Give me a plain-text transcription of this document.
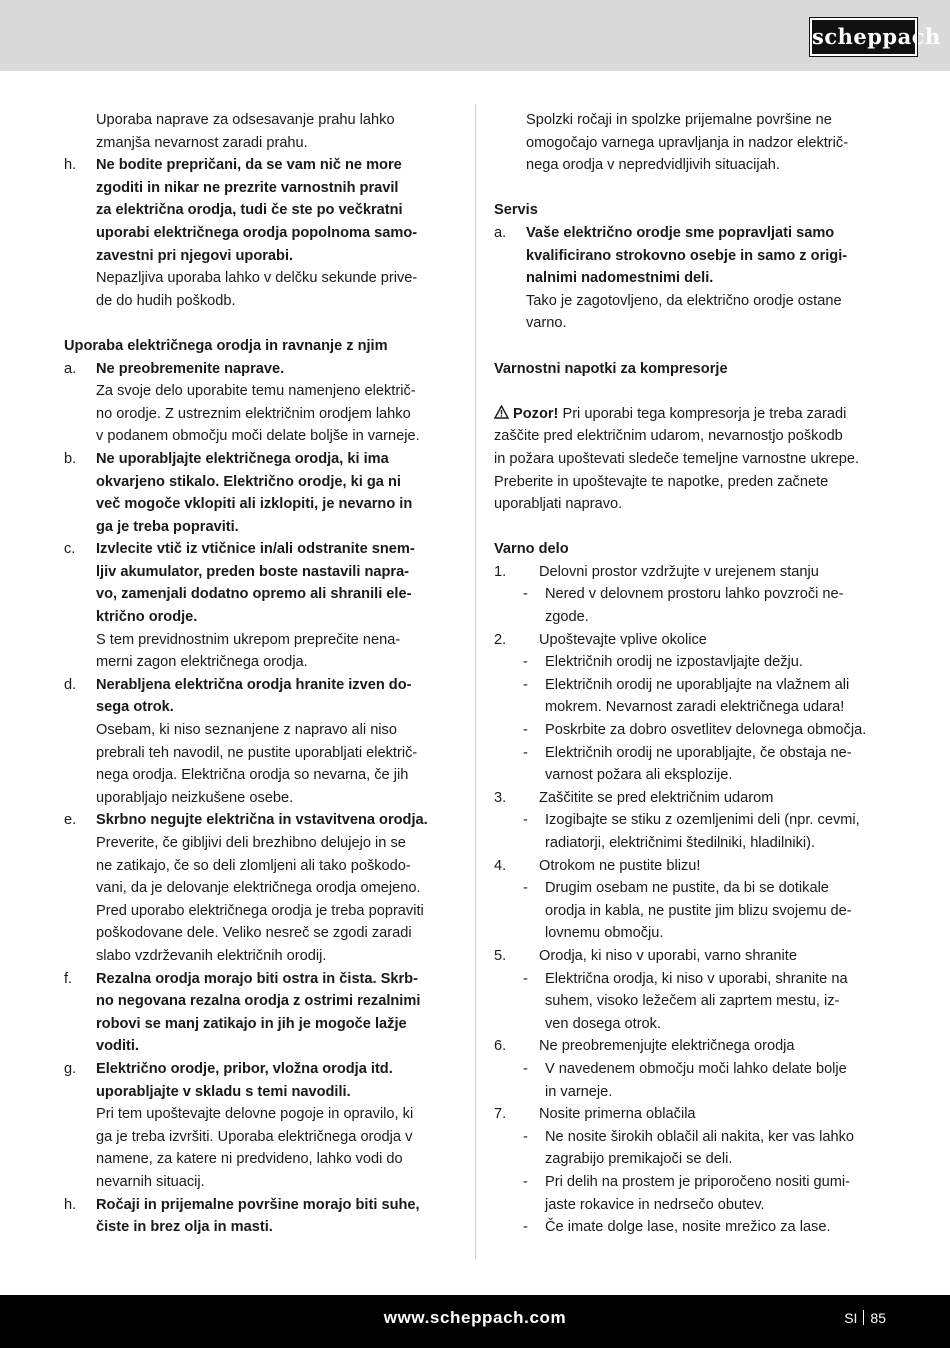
scheppach

Uporaba naprave za odsesavanje prahu lahko

zmanjša nevarnost zaradi prahu.

h.	Ne bodite prepričani, da se vam nič ne more

zgoditi in nikar ne prezrite varnostnih pravil

za električna orodja, tudi če ste po večkratni

uporabi električnega orodja popolnoma samo-

zavestni pri njegovi uporabi.

Nepazljiva uporaba lahko v delčku sekunde prive-

de do hudih poškodb.

Uporaba električnega orodja in ravnanje z njim

a.	Ne preobremenite naprave.

Za svoje delo uporabite temu namenjeno električ-

no orodje. Z ustreznim električnim orodjem lahko

v podanem območju moči delate boljše in varneje.

b.	Ne uporabljajte električnega orodja, ki ima

okvarjeno stikalo. Električno orodje, ki ga ni

več mogoče vklopiti ali izklopiti, je nevarno in

ga je treba popraviti.

c.	Izvlecite vtič iz vtičnice in/ali odstranite snem-

ljiv akumulator, preden boste nastavili naprа-

vo, zamenjali dodatno opremo ali shranili ele-

ktrično orodje.

S tem previdnostnim ukrepom preprečite nena-

merni zagon električnega orodja.

d.	Nerabljena električna orodja hranite izven do-

sega otrok.

Osebam, ki niso seznanjene z napravo ali niso

prebrali teh navodil, ne pustite uporabljati električ-

nega orodja. Električna orodja so nevarna, če jih

uporabljajo neizkušene osebe.

e.	Skrbno negujte električna in vstavitvena orodja.

Preverite, če gibljivi deli brezhibno delujejo in se

ne zatikajo, če so deli zlomljeni ali tako poškodo-

vani, da je delovanje električnega orodja omejeno.

Pred uporabo električnega orodja je treba popraviti

poškodovane dele. Veliko nesreč se zgodi zaradi

slabo vzdrževanih električnih orodij.

f.	Rezalna orodja morajo biti ostra in čista. Skrb-

no negovana rezalna orodja z ostrimi rezalnimi

robovi se manj zatikajo in jih je mogoče lažje

voditi.

g.	Električno orodje, pribor, vložna orodja itd.

uporabljajte v skladu s temi navodili.

Pri tem upoštevajte delovne pogoje in opravilo, ki

ga je treba izvršiti. Uporaba električnega orodja v

namene, za katere ni predvideno, lahko vodi do

nevarnih situacij.

h.	Ročaji in prijemalne površine morajo biti suhe,

čiste in brez olja in masti.

Spolzki ročaji in spolzke prijemalne površine ne

omogočajo varnega upravljanja in nadzor električ-

nega orodja v nepredvidljivih situacijah.

Servis

a.	Vaše električno orodje sme popravljati samo

kvalificirano strokovno osebje in samo z origi-

nalnimi nadomestnimi deli.

Tako je zagotovljeno, da električno orodje ostane

varno.

Varnostni napotki za kompresorje

Pozor! Pri uporabi tega kompresorja je treba zaradi

zaščite pred električnim udarom, nevarnostjo poškodb

in požara upoštevati sledeče temeljne varnostne ukrepe.

Preberite in upoštevajte te napotke, preden začnete

uporabljati napravo.

Varno delo

1.	Delovni prostor vzdržujte v urejenem stanju
-	Nered v delovnem prostoru lahko povzroči ne-

zgode.

2.	Upoštevajte vplive okolice
-	Električnih orodij ne izpostavljajte dežju.

-	Električnih orodij ne uporabljajte na vlažnem ali

mokrem. Nevarnost zaradi električnega udara!

-	Poskrbite za dobro osvetlitev delovnega območja.

-	Električnih orodij ne uporabljajte, če obstaja ne-

varnost požara ali eksplozije.

3.	Zaščitite se pred električnim udarom
-	Izogibajte se stiku z ozemljenimi deli (npr. cevmi,

radiatorji, električnimi štedilniki, hladilniki).

4.	Otrokom ne pustite blizu!
-	Drugim osebam ne pustite, da bi se dotikale

orodja in kabla, ne pustite jim blizu svojemu de-

lovnemu območju.

5.	Orodja, ki niso v uporabi, varno shranite
-	Električna orodja, ki niso v uporabi, shranite na

suhem, visoko ležečem ali zaprtem mestu, iz-

ven dosega otrok.

6.	Ne preobremenjujte električnega orodja
-	V navedenem območju moči lahko delate bolje

in varneje.

7.	Nosite primerna oblačila
-	Ne nosite širokih oblačil ali nakita, ker vas lahko

zagrabijo premikajoči se deli.

-	Pri delih na prostem je priporočeno nositi gumi-

jaste rokavice in nedrsečo obutev.

-	Če imate dolge lase, nosite mrežico za lase.

www.scheppach.com	SI 85
